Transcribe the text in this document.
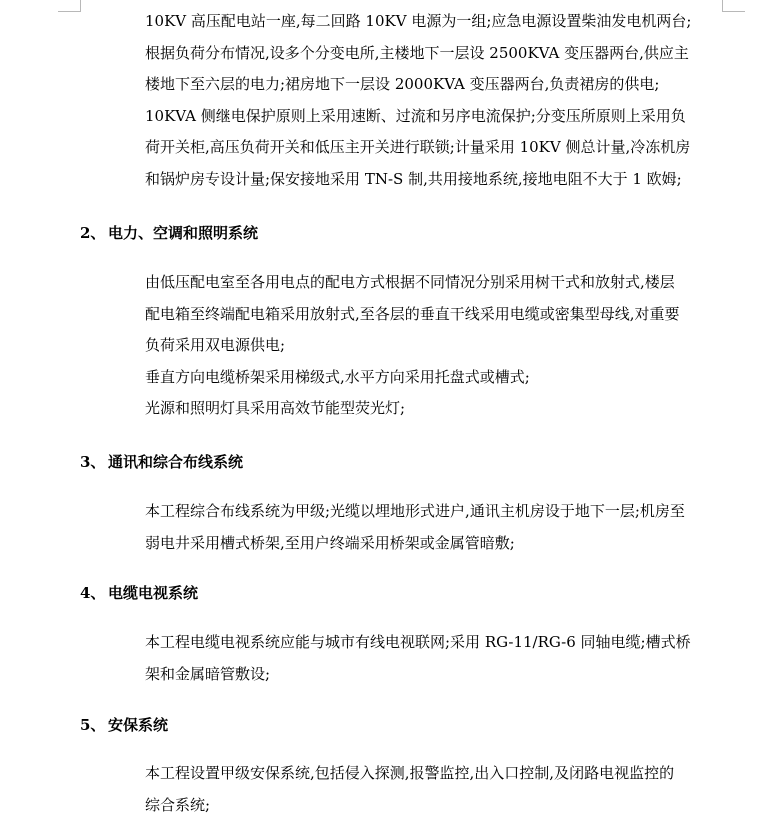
10KV 高压配电站一座,每二回路 10KV 电源为一组;应急电源设置柴油发电机两台;
根据负荷分布情况,设多个分变电所,主楼地下一层设 2500KVA 变压器两台,供应主
楼地下至六层的电力;裙房地下一层设 2000KVA 变压器两台,负责裙房的供电;
10KVA 侧继电保护原则上采用速断、过流和另序电流保护;分变压所原则上采用负
荷开关柜,高压负荷开关和低压主开关进行联锁;计量采用 10KV 侧总计量,冷冻机房
和锅炉房专设计量;保安接地采用 TN-S 制,共用接地系统,接地电阻不大于 1 欧姆;
2、 电力、空调和照明系统
由低压配电室至各用电点的配电方式根据不同情况分别采用树干式和放射式,楼层
配电箱至终端配电箱采用放射式,至各层的垂直干线采用电缆或密集型母线,对重要
负荷采用双电源供电;
垂直方向电缆桥架采用梯级式,水平方向采用托盘式或槽式;
光源和照明灯具采用高效节能型荧光灯;
3、 通讯和综合布线系统
本工程综合布线系统为甲级;光缆以埋地形式进户,通讯主机房设于地下一层;机房至
弱电井采用槽式桥架,至用户终端采用桥架或金属管暗敷;
4、 电缆电视系统
本工程电缆电视系统应能与城市有线电视联网;采用 RG-11/RG-6 同轴电缆;槽式桥
架和金属暗管敷设;
5、 安保系统
本工程设置甲级安保系统,包括侵入探测,报警监控,出入口控制,及闭路电视监控的
综合系统;
